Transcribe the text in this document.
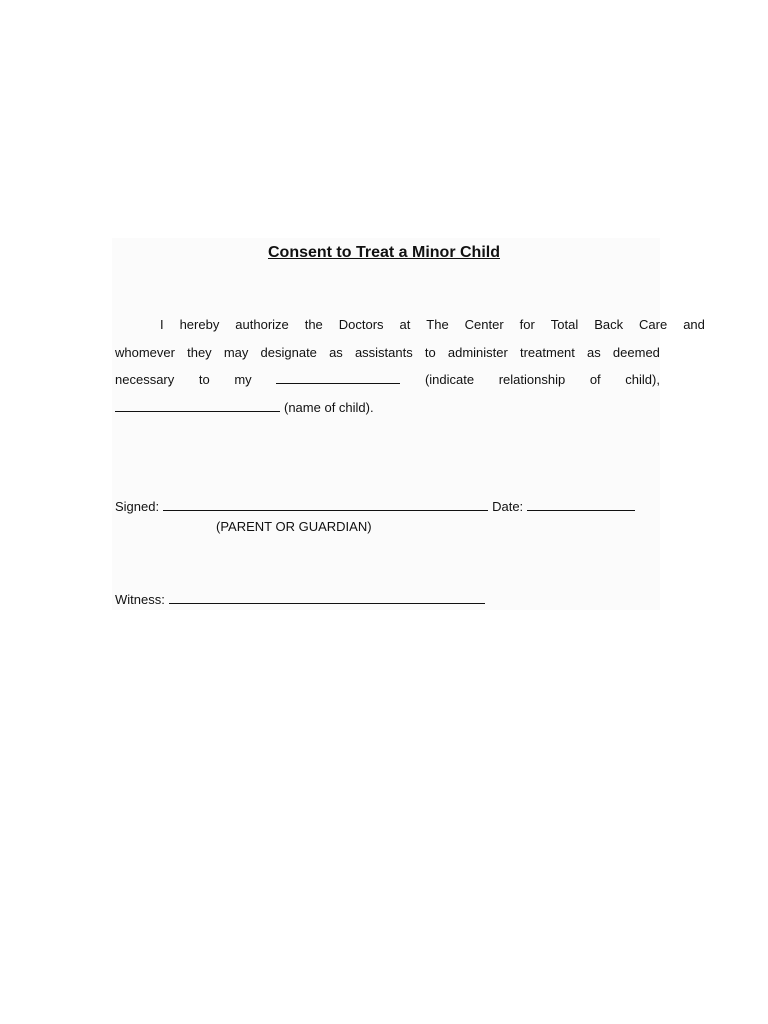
Consent to Treat a Minor Child
I hereby authorize the Doctors at The Center for Total Back Care and
whomever they may designate as assistants to administer treatment as deemed
necessary to my	(indicate relationship of child),
(name of child).
Signed:	Date:
(PARENT OR GUARDIAN)
Witness:
